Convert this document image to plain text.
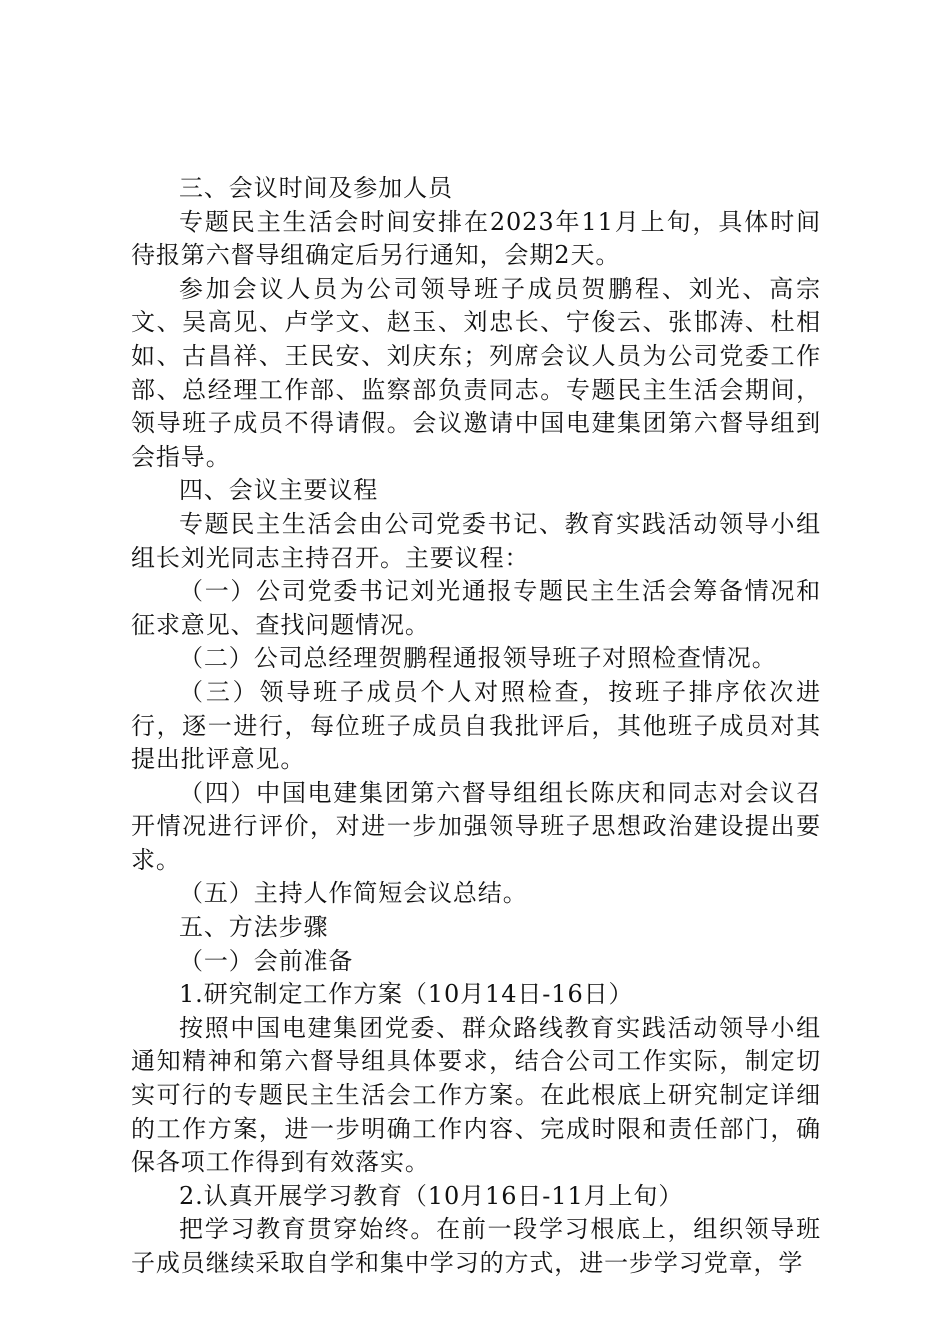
三、会议时间及参加人员

专题民主生活会时间安排在2023年11月上旬，具体时间待报第六督导组确定后另行通知，会期2天。

参加会议人员为公司领导班子成员贺鹏程、刘光、高宗文、吴高见、卢学文、赵玉、刘忠长、宁俊云、张邯涛、杜相如、古昌祥、王民安、刘庆东；列席会议人员为公司党委工作部、总经理工作部、监察部负责同志。专题民主生活会期间，领导班子成员不得请假。会议邀请中国电建集团第六督导组到会指导。

四、会议主要议程

专题民主生活会由公司党委书记、教育实践活动领导小组组长刘光同志主持召开。主要议程：

（一）公司党委书记刘光通报专题民主生活会筹备情况和征求意见、查找问题情况。

（二）公司总经理贺鹏程通报领导班子对照检查情况。

（三）领导班子成员个人对照检查，按班子排序依次进行，逐一进行，每位班子成员自我批评后，其他班子成员对其提出批评意见。

（四）中国电建集团第六督导组组长陈庆和同志对会议召开情况进行评价，对进一步加强领导班子思想政治建设提出要求。

（五）主持人作简短会议总结。

五、方法步骤

（一）会前准备

1.研究制定工作方案（10月14日-16日）

按照中国电建集团党委、群众路线教育实践活动领导小组通知精神和第六督导组具体要求，结合公司工作实际，制定切实可行的专题民主生活会工作方案。在此根底上研究制定详细的工作方案，进一步明确工作内容、完成时限和责任部门，确保各项工作得到有效落实。

2.认真开展学习教育（10月16日-11月上旬）

把学习教育贯穿始终。在前一段学习根底上，组织领导班子成员继续采取自学和集中学习的方式，进一步学习党章，学
